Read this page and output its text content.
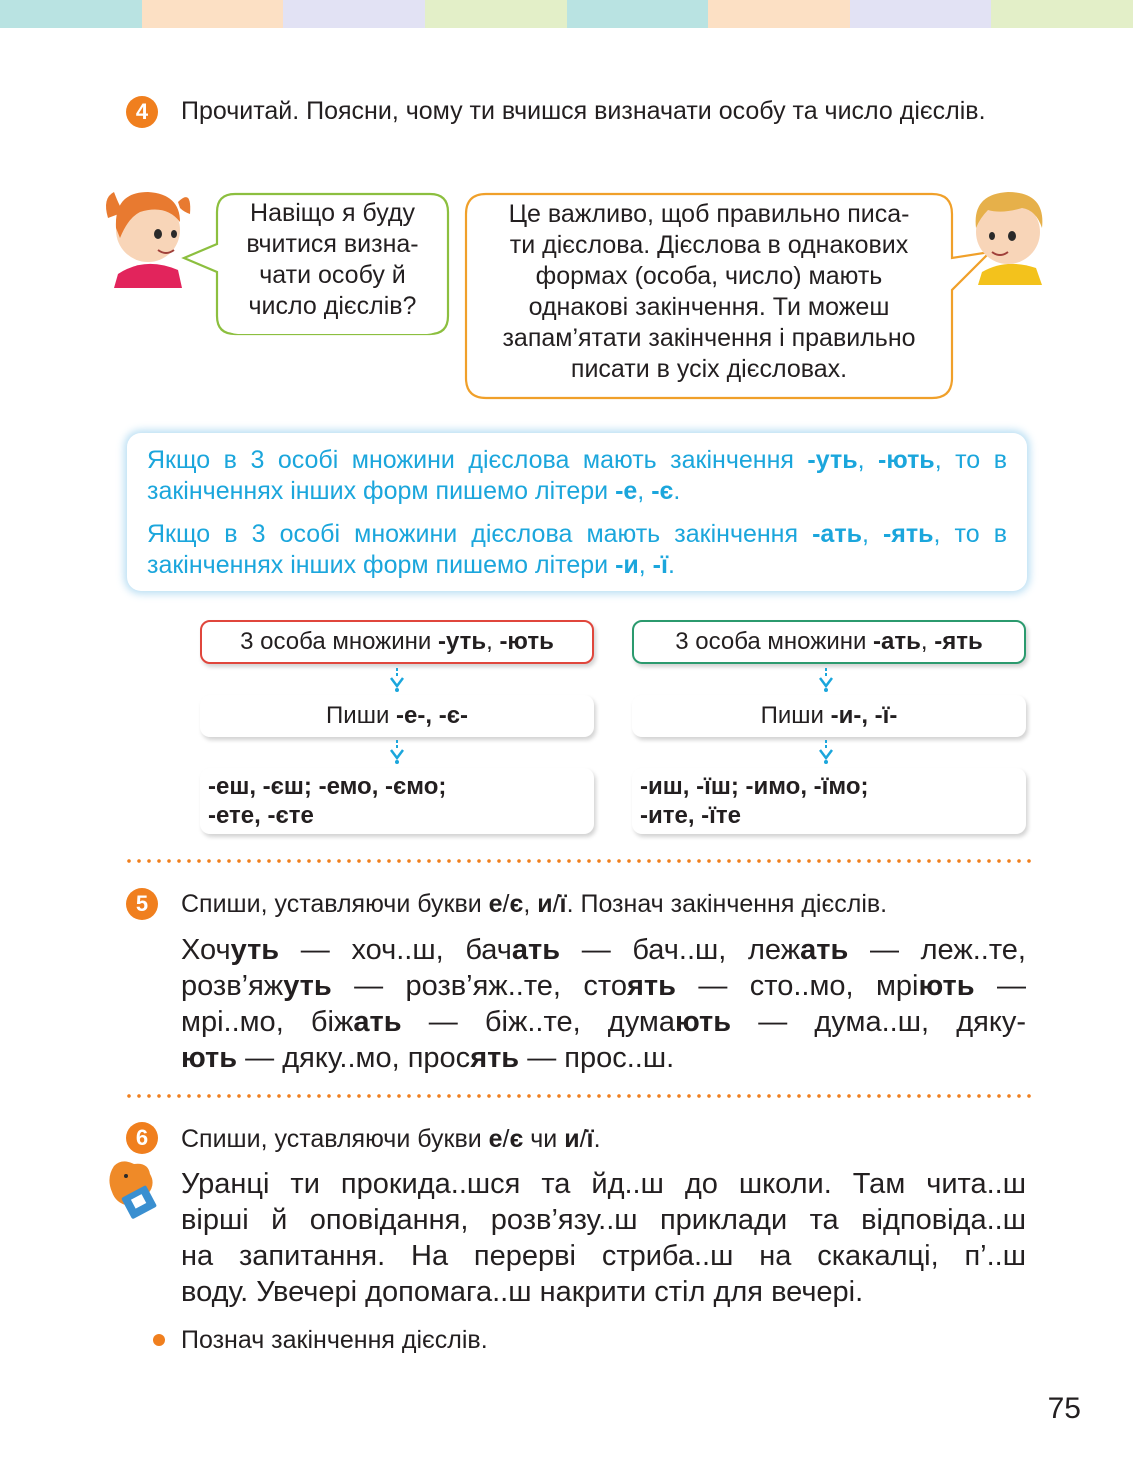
4	Прочитай. Поясни, чому ти вчишся визначати особу та число дієслів.
Навіщо я буду
вчитися визна-
чати особу й
число дієслів?
Це важливо, щоб правильно писа-
ти дієслова. Дієслова в однакових
формах (особа, число) мають
однакові закінчення. Ти можеш
запам’ятати закінчення і правильно
писати в усіх дієсловах.

Якщо в 3 особі множини дієслова мають закінчення -уть, -ють, то в закінченнях інших форм пишемо літери -е, -є.

Якщо в 3 особі множини дієслова мають закінчення -ать, -ять, то в закінченнях інших форм пишемо літери -и, -ї.

3 особа множини -уть, -ють
Пиши -е-, -є-
-еш, -єш; -емо, -ємо;
-ете, -єте
3 особа множини -ать, -ять
Пиши -и-, -ї-
-иш, -їш; -имо, -їмо;
-ите, -їте
5	Спиши, уставляючи букви е/є, и/ї. Познач закінчення дієслів.
Хочуть — хоч..ш, бачать — бач..ш, лежать — леж..те,
розв’яжуть — розв’яж..те, стоять — сто..мо, мріють —
мрі..мо, біжать — біж..те, думають — дума..ш, дяку-
ють — дяку..мо, просять — прос..ш.
6	Спиши, уставляючи букви е/є чи и/ї.
Уранці ти прокида..шся та йд..ш до школи. Там чита..ш
вірші й оповідання, розв’язу..ш приклади та відповіда..ш
на запитання. На перерві стриба..ш на скакалці, п’..ш
воду. Увечері допомага..ш накрити стіл для вечері.
Познач закінчення дієслів.
75
